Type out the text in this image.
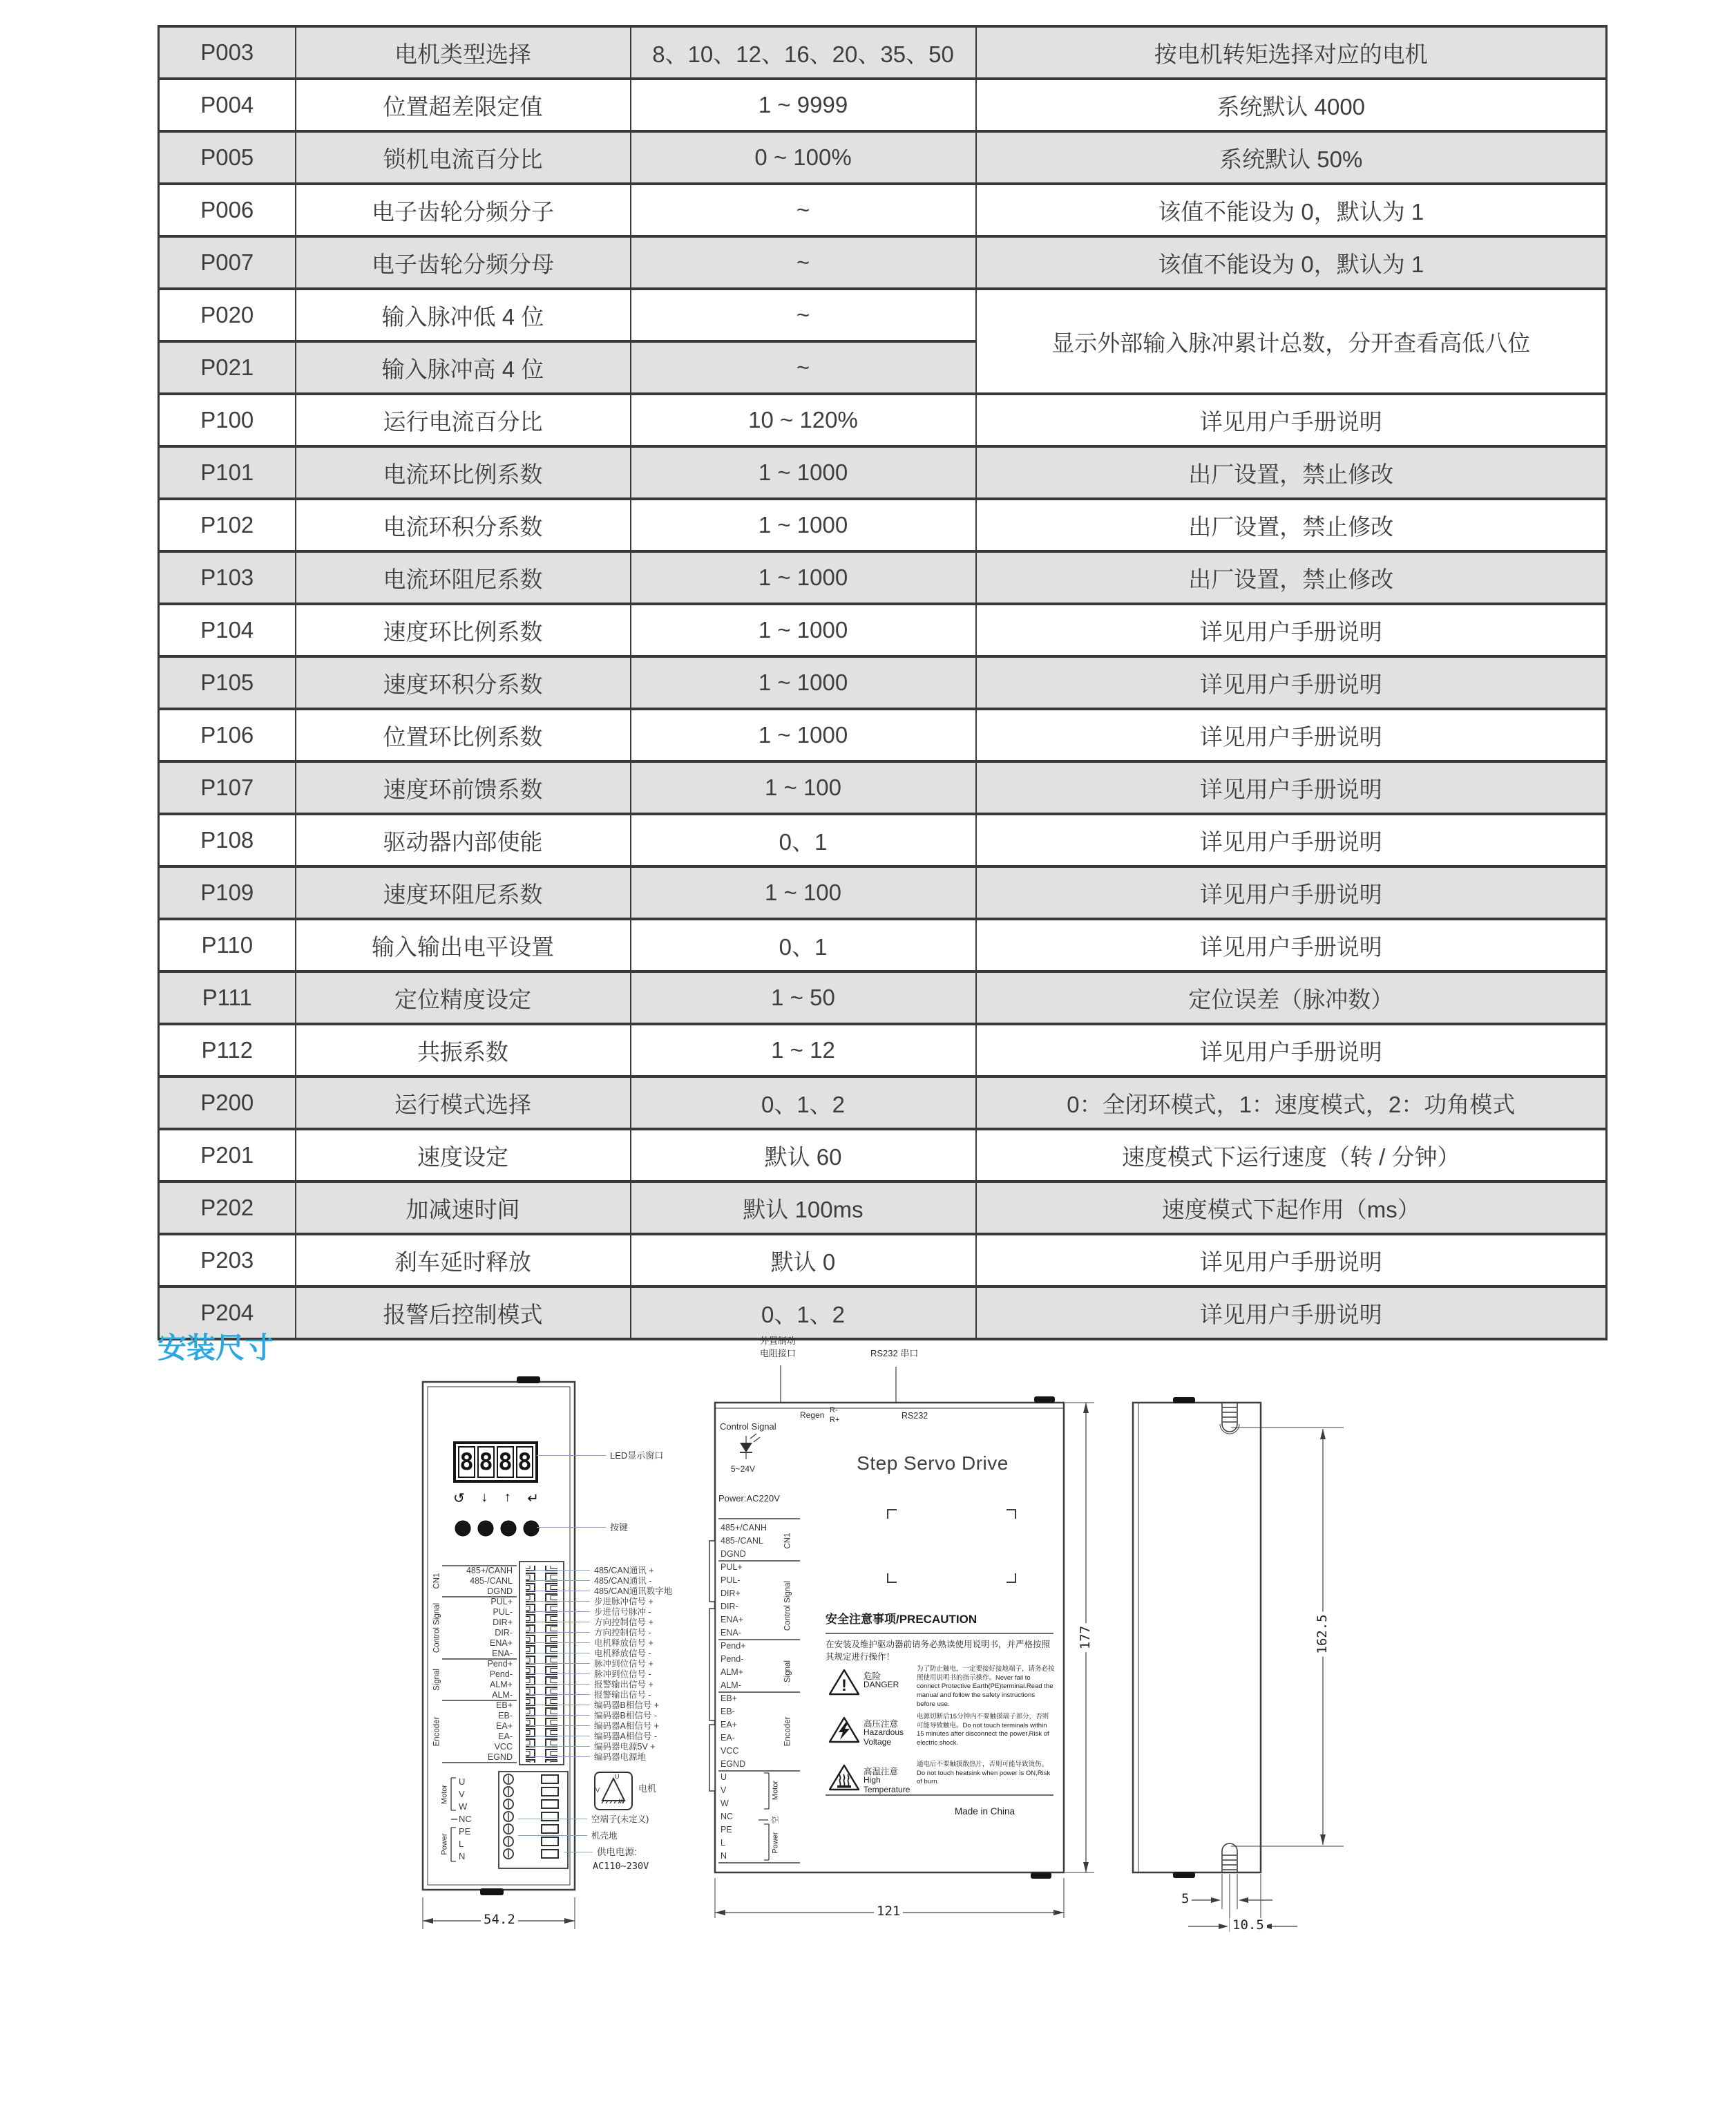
P003	电机类型选择	8、10、12、16、20、35、50	按电机转矩选择对应的电机
P004	位置超差限定值	1 ~ 9999	系统默认 4000
P005	锁机电流百分比	0 ~ 100%	系统默认 50%
P006	电子齿轮分频分子	~	该值不能设为 0，默认为 1
P007	电子齿轮分频分母	~	该值不能设为 0，默认为 1
P020	输入脉冲低 4 位	~	显示外部输入脉冲累计总数，分开查看高低八位
P021	输入脉冲高 4 位	~	
P100	运行电流百分比	10 ~ 120%	详见用户手册说明
P101	电流环比例系数	1 ~ 1000	出厂设置，禁止修改
P102	电流环积分系数	1 ~ 1000	出厂设置，禁止修改
P103	电流环阻尼系数	1 ~ 1000	出厂设置，禁止修改
P104	速度环比例系数	1 ~ 1000	详见用户手册说明
P105	速度环积分系数	1 ~ 1000	详见用户手册说明
P106	位置环比例系数	1 ~ 1000	详见用户手册说明
P107	速度环前馈系数	1 ~ 100	详见用户手册说明
P108	驱动器内部使能	0、1	详见用户手册说明
P109	速度环阻尼系数	1 ~ 100	详见用户手册说明
P110	输入输出电平设置	0、1	详见用户手册说明
P111	定位精度设定	1 ~ 50	定位误差（脉冲数）
P112	共振系数	1 ~ 12	详见用户手册说明
P200	运行模式选择	0、1、2	0：全闭环模式，1：速度模式，2：功角模式
P201	速度设定	默认 60	速度模式下运行速度（转 / 分钟）
P202	加减速时间	默认 100ms	速度模式下起作用（ms）
P203	刹车延时释放	默认 0	详见用户手册说明
P204	报警后控制模式	0、1、2	详见用户手册说明
安装尺寸
8 8 8 8
↺ ↓ ↑ ↵
CN1
Control Signal
Signal
Encoder
485+/CANH
485-/CANL
DGND
PUL+
PUL-
DIR+
DIR-
ENA+
ENA-
Pend+
Pend-
ALM+
ALM-
EB+
EB-
EA+
EA-
VCC
EGND
485/CAN通讯 +
485/CAN通讯 -
485/CAN通讯数字地
步进脉冲信号 +
步进信号脉冲 -
方向控制信号 +
方向控制信号 -
电机释放信号 +
电机释放信号 -
脉冲到位信号 +
脉冲到位信号 -
报警输出信号 +
报警输出信号 -
编码器B相信号 +
编码器B相信号 -
编码器A相信号 +
编码器A相信号 -
编码器电源5V +
编码器电源地
LED显示窗口
按键
U
V
W
NC
PE
L
N
Motor
Power
U
V
W
电机
空端子(未定义)
机壳地
供电电源:
AC110~230V
54.2
外置制动
电阻接口	RS232 串口
Regen R-
R+	RS232
Control Signal
5~24V
Power:AC220V
485+/CANH
485-/CANL
DGND
PUL+
PUL-
DIR+
DIR-
ENA+
ENA-
Pend+
Pend-
ALM+
ALM-
EB+
EB-
EA+
EA-
VCC
EGND
U
V
W
NC
PE
L
N
CN1
Control Signal
Signal
Encoder
Motor
空
Power
Step Servo Drive
安全注意事项/PRECAUTION
在安装及维护驱动器前请务必熟读使用说明书，并严格按照其规定进行操作！
! 危险
DANGER
为了防止触电，一定要接好接地端子，请务必按照使用说明书的指示操作。Never fail to connect Protective Earth(PE)terminal.Read the manual and follow the safety instructions before use.
高压注意
Hazardous Voltage
电源切断后15分钟内不要触摸端子部分，否则可能导致触电。Do not touch terminals within 15 minutes after disconnect the power,Risk of electric shock.
高温注意
High Temperature
通电后不要触摸散热片，否则可能导致烫伤。Do not touch heatsink when power is ON,Risk of burn.
Made in China
121
177	162.5
5
10.5
